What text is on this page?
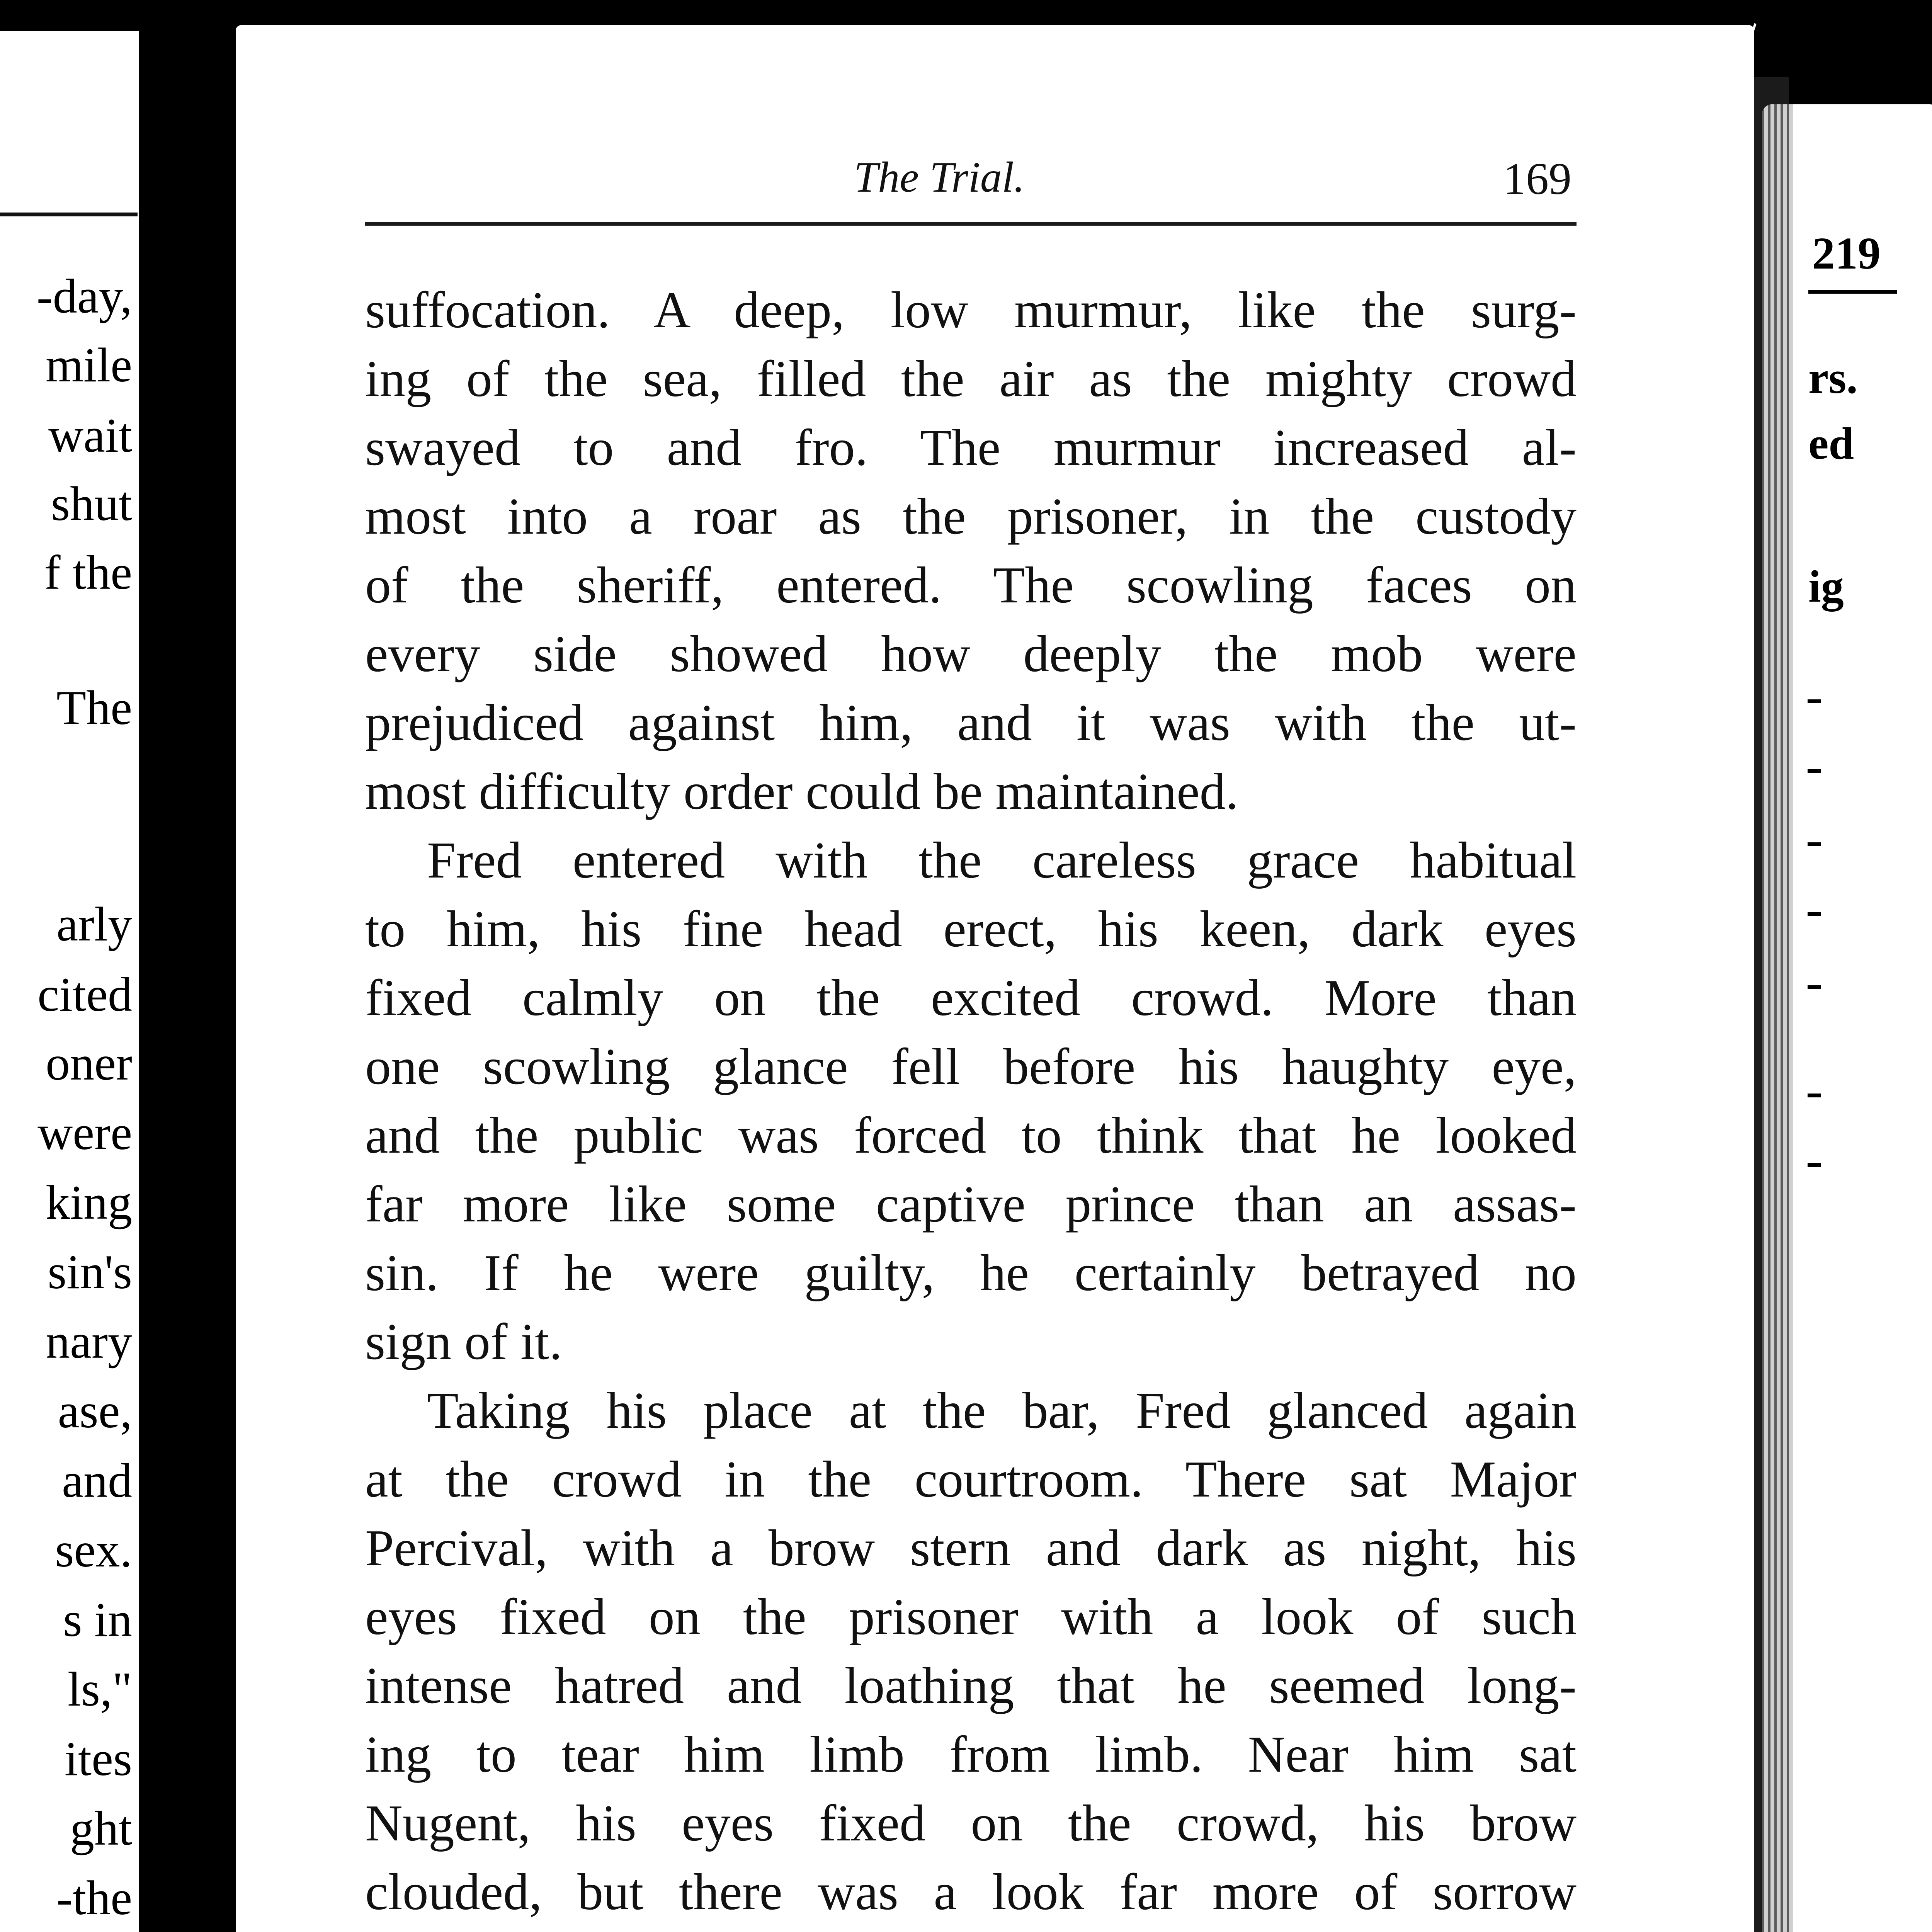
-day,
mile
wait
shut
f the
The
arly
cited
oner
were
king
sin's
nary
ase,
and
sex.
s in
ls,"
ites
ght
-the
219
rs.
ed
ig
The Trial.	169
suffocation. A deep, low murmur, like the surg-
ing of the sea, filled the air as the mighty crowd
swayed to and fro. The murmur increased al-
most into a roar as the prisoner, in the custody
of the sheriff, entered. The scowling faces on
every side showed how deeply the mob were
prejudiced against him, and it was with the ut-
most difficulty order could be maintained.
Fred entered with the careless grace habitual
to him, his fine head erect, his keen, dark eyes
fixed calmly on the excited crowd. More than
one scowling glance fell before his haughty eye,
and the public was forced to think that he looked
far more like some captive prince than an assas-
sin. If he were guilty, he certainly betrayed no
sign of it.
Taking his place at the bar, Fred glanced again
at the crowd in the courtroom. There sat Major
Percival, with a brow stern and dark as night, his
eyes fixed on the prisoner with a look of such
intense hatred and loathing that he seemed long-
ing to tear him limb from limb. Near him sat
Nugent, his eyes fixed on the crowd, his brow
clouded, but there was a look far more of sorrow
